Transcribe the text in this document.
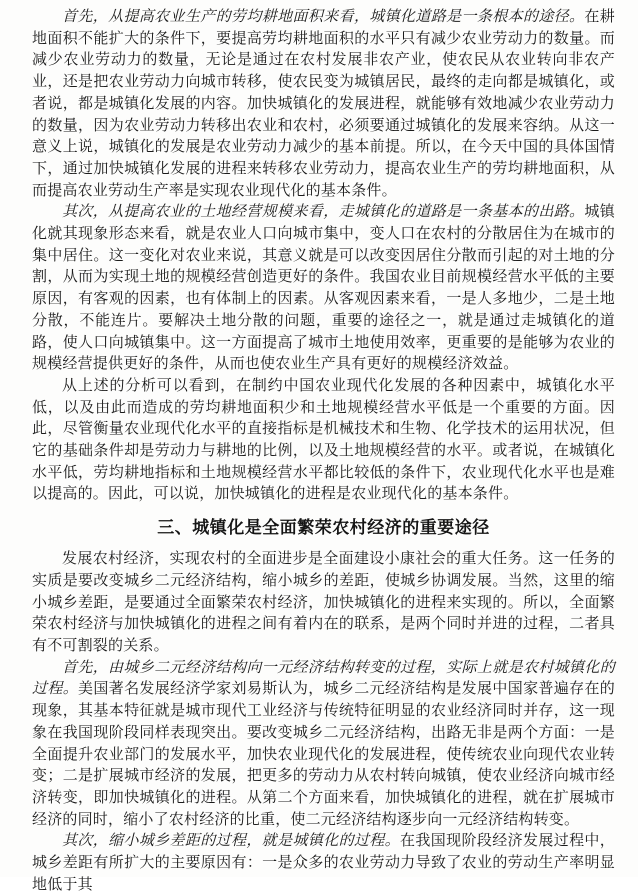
首先，从提高农业生产的劳均耕地面积来看，城镇化道路是一条根本的途径。在耕地面积不能扩大的条件下，要提高劳均耕地面积的水平只有减少农业劳动力的数量。而减少农业劳动力的数量，无论是通过在农村发展非农产业，使农民从农业转向非农产业，还是把农业劳动力向城市转移，使农民变为城镇居民，最终的走向都是城镇化，或者说，都是城镇化发展的内容。加快城镇化的发展进程，就能够有效地减少农业劳动力的数量，因为农业劳动力转移出农业和农村，必须要通过城镇化的发展来容纳。从这一意义上说，城镇化的发展是农业劳动力减少的基本前提。所以，在今天中国的具体国情下，通过加快城镇化发展的进程来转移农业劳动力，提高农业生产的劳均耕地面积，从而提高农业劳动生产率是实现农业现代化的基本条件。

其次，从提高农业的土地经营规模来看，走城镇化的道路是一条基本的出路。城镇化就其现象形态来看，就是农业人口向城市集中，变人口在农村的分散居住为在城市的集中居住。这一变化对农业来说，其意义就是可以改变因居住分散而引起的对土地的分割，从而为实现土地的规模经营创造更好的条件。我国农业目前规模经营水平低的主要原因，有客观的因素，也有体制上的因素。从客观因素来看，一是人多地少，二是土地分散，不能连片。要解决土地分散的问题，重要的途径之一，就是通过走城镇化的道路，使人口向城镇集中。这一方面提高了城市土地使用效率，更重要的是能够为农业的规模经营提供更好的条件，从而也使农业生产具有更好的规模经济效益。

从上述的分析可以看到，在制约中国农业现代化发展的各种因素中，城镇化水平低，以及由此而造成的劳均耕地面积少和土地规模经营水平低是一个重要的方面。因此，尽管衡量农业现代化水平的直接指标是机械技术和生物、化学技术的运用状况，但它的基础条件却是劳动力与耕地的比例，以及土地规模经营的水平。或者说，在城镇化水平低，劳均耕地指标和土地规模经营水平都比较低的条件下，农业现代化水平也是难以提高的。因此，可以说，加快城镇化的进程是农业现代化的基本条件。

三、城镇化是全面繁荣农村经济的重要途径

发展农村经济，实现农村的全面进步是全面建设小康社会的重大任务。这一任务的实质是要改变城乡二元经济结构，缩小城乡的差距，使城乡协调发展。当然，这里的缩小城乡差距，是要通过全面繁荣农村经济，加快城镇化的进程来实现的。所以，全面繁荣农村经济与加快城镇化的进程之间有着内在的联系，是两个同时并进的过程，二者具有不可割裂的关系。

首先，由城乡二元经济结构向一元经济结构转变的过程，实际上就是农村城镇化的过程。美国著名发展经济学家刘易斯认为，城乡二元经济结构是发展中国家普遍存在的现象，其基本特征就是城市现代工业经济与传统特征明显的农业经济同时并存，这一现象在我国现阶段同样表现突出。要改变城乡二元经济结构，出路无非是两个方面：一是全面提升农业部门的发展水平，加快农业现代化的发展进程，使传统农业向现代农业转变；二是扩展城市经济的发展，把更多的劳动力从农村转向城镇，使农业经济向城市经济转变，即加快城镇化的进程。从第二个方面来看，加快城镇化的进程，就在扩展城市经济的同时，缩小了农村经济的比重，使二元经济结构逐步向一元经济结构转变。

其次，缩小城乡差距的过程，就是城镇化的过程。在我国现阶段经济发展过程中，城乡差距有所扩大的主要原因有：一是众多的农业劳动力导致了农业的劳动生产率明显地低于其
